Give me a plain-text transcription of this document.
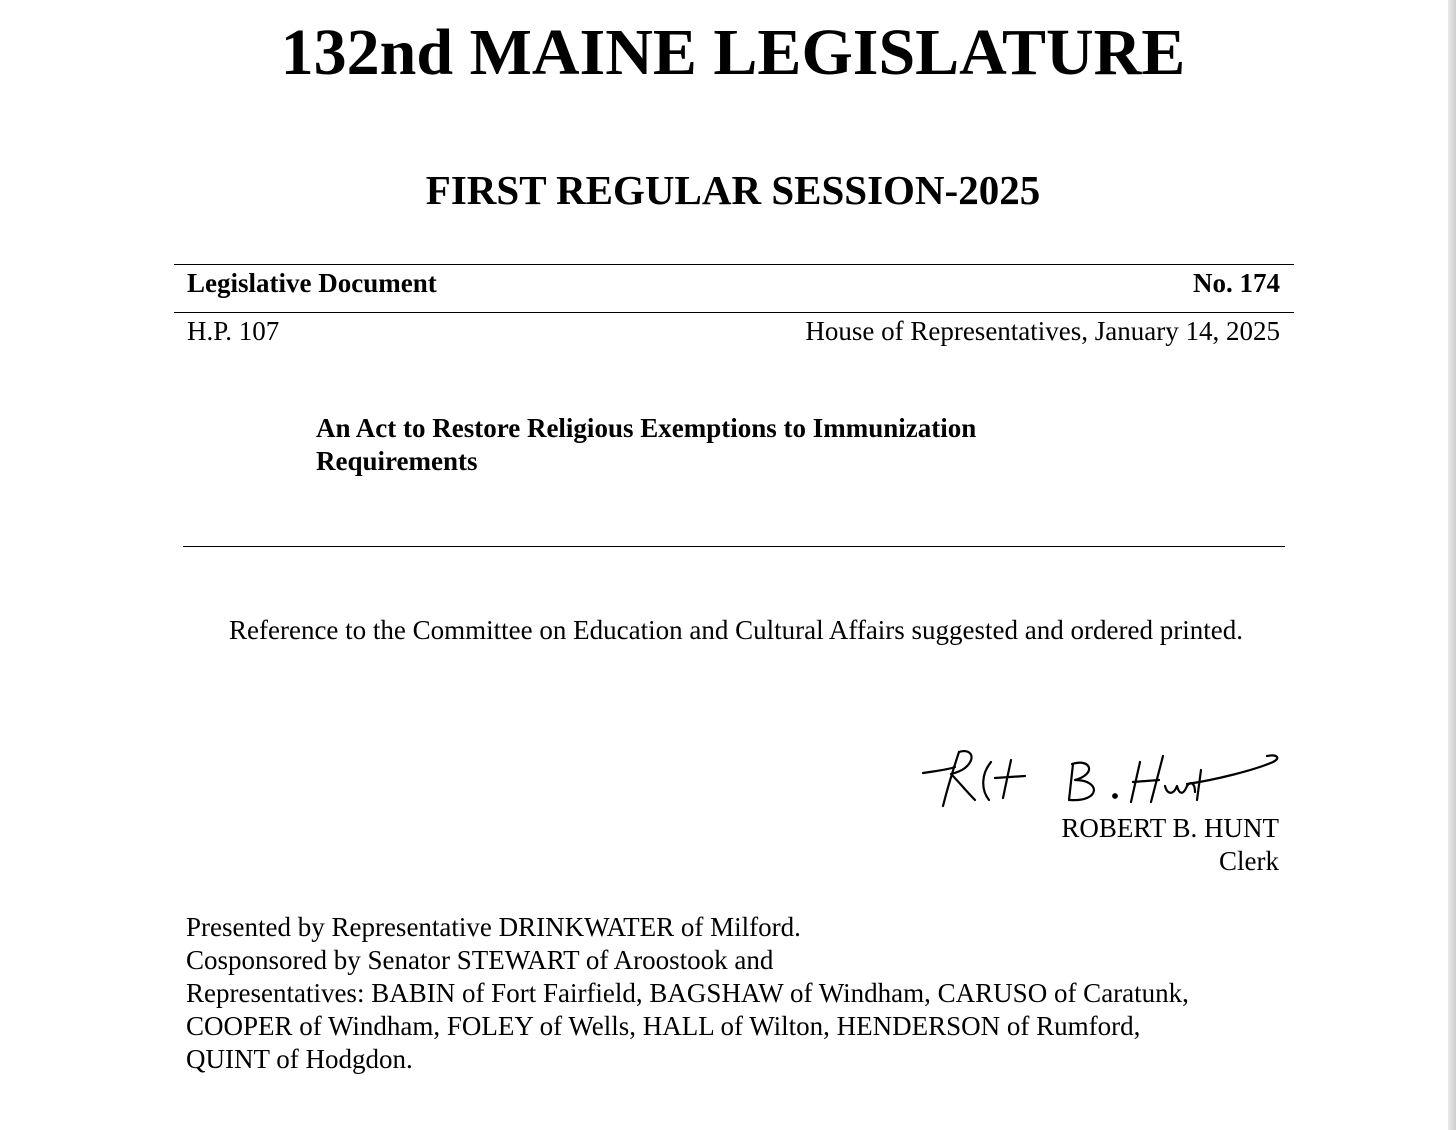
132nd MAINE LEGISLATURE
FIRST REGULAR SESSION-2025
Legislative Document	No. 174
H.P. 107	House of Representatives, January 14, 2025
An Act to Restore Religious Exemptions to Immunization
Requirements
Reference to the Committee on Education and Cultural Affairs suggested and ordered printed.
ROBERT B. HUNT
Clerk
Presented by Representative DRINKWATER of Milford.
Cosponsored by Senator STEWART of Aroostook and
Representatives: BABIN of Fort Fairfield, BAGSHAW of Windham, CARUSO of Caratunk,
COOPER of Windham, FOLEY of Wells, HALL of Wilton, HENDERSON of Rumford,
QUINT of Hodgdon.
